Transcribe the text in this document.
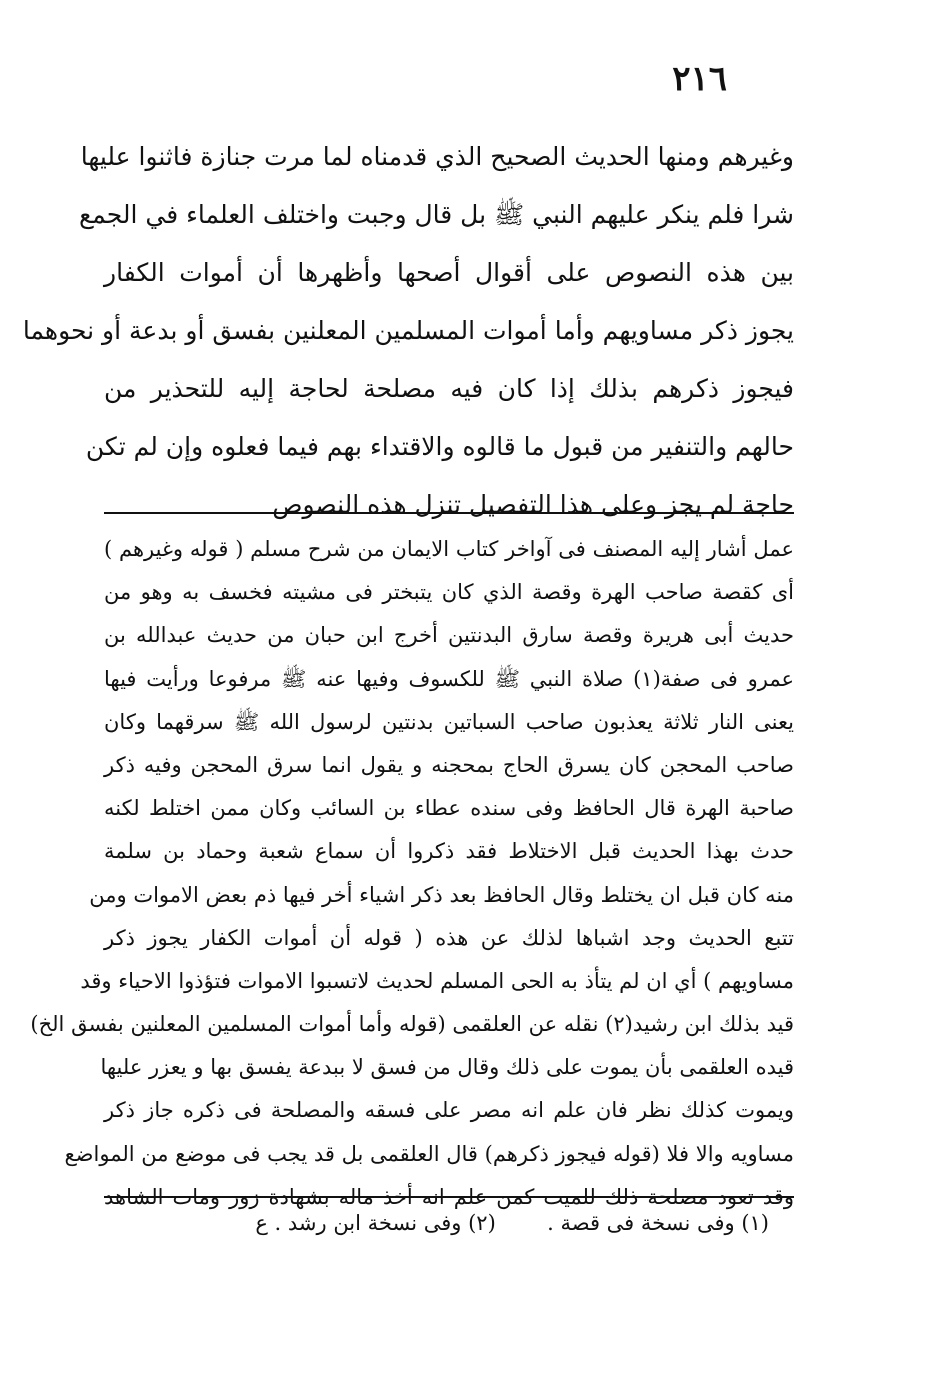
٢١٦
وغيرهم ومنها الحديث الصحيح الذي قدمناه لما مرت جنازة فاثنوا عليها
شرا فلم ينكر عليهم النبي ﷺ بل قال وجبت واختلف العلماء في الجمع
بين هذه النصوص على أقوال أصحها وأظهرها أن أموات الكفار
يجوز ذكر مساويهم وأما أموات المسلمين المعلنين بفسق أو بدعة أو نحوهما
فيجوز ذكرهم بذلك إذا كان فيه مصلحة لحاجة إليه للتحذير من
حالهم والتنفير من قبول ما قالوه والاقتداء بهم فيما فعلوه وإن لم تكن
حاجة لم يجز وعلى هذا التفصيل تنزل هذه النصوص
عمل أشار إليه المصنف فى آواخر كتاب الايمان من شرح مسلم ( قوله وغيرهم )
أى كقصة صاحب الهرة وقصة الذي كان يتبختر فى مشيته فخسف به وهو من
حديث أبى هريرة وقصة سارق البدنتين أخرج ابن حبان من حديث عبدالله بن
عمرو فى صفة(١) صلاة النبي ﷺ للكسوف وفيها عنه ﷺ مرفوعا ورأيت فيها
يعنى النار ثلاثة يعذبون صاحب السباتين بدنتين لرسول الله ﷺ سرقهما وكان
صاحب المحجن كان يسرق الحاج بمحجنه و يقول انما سرق المحجن وفيه ذكر
صاحبة الهرة قال الحافظ وفى سنده عطاء بن السائب وكان ممن اختلط لكنه
حدث بهذا الحديث قبل الاختلاط فقد ذكروا أن سماع شعبة وحماد بن سلمة
منه كان قبل ان يختلط وقال الحافظ بعد ذكر اشياء أخر فيها ذم بعض الاموات ومن
تتبع الحديث وجد اشباها لذلك عن هذه ( قوله أن أموات الكفار يجوز ذكر
مساويهم ) أي ان لم يتأذ به الحى المسلم لحديث لاتسبوا الاموات فتؤذوا الاحياء وقد
قيد بذلك ابن رشيد(٢) نقله عن العلقمى (قوله وأما أموات المسلمين المعلنين بفسق الخ)
قيده العلقمى بأن يموت على ذلك وقال من فسق لا ببدعة يفسق بها و يعزر عليها
ويموت كذلك نظر فان علم انه مصر على فسقه والمصلحة فى ذكره جاز ذكر
مساويه والا فلا (قوله فيجوز ذكرهم) قال العلقمى بل قد يجب فى موضع من المواضع
وقد تعود مصلحة ذلك للميت كمن علم انه أخذ ماله بشهادة زور ومات الشاهد
(١) وفى نسخة فى قصة .  (٢) وفى نسخة ابن رشد . ع
